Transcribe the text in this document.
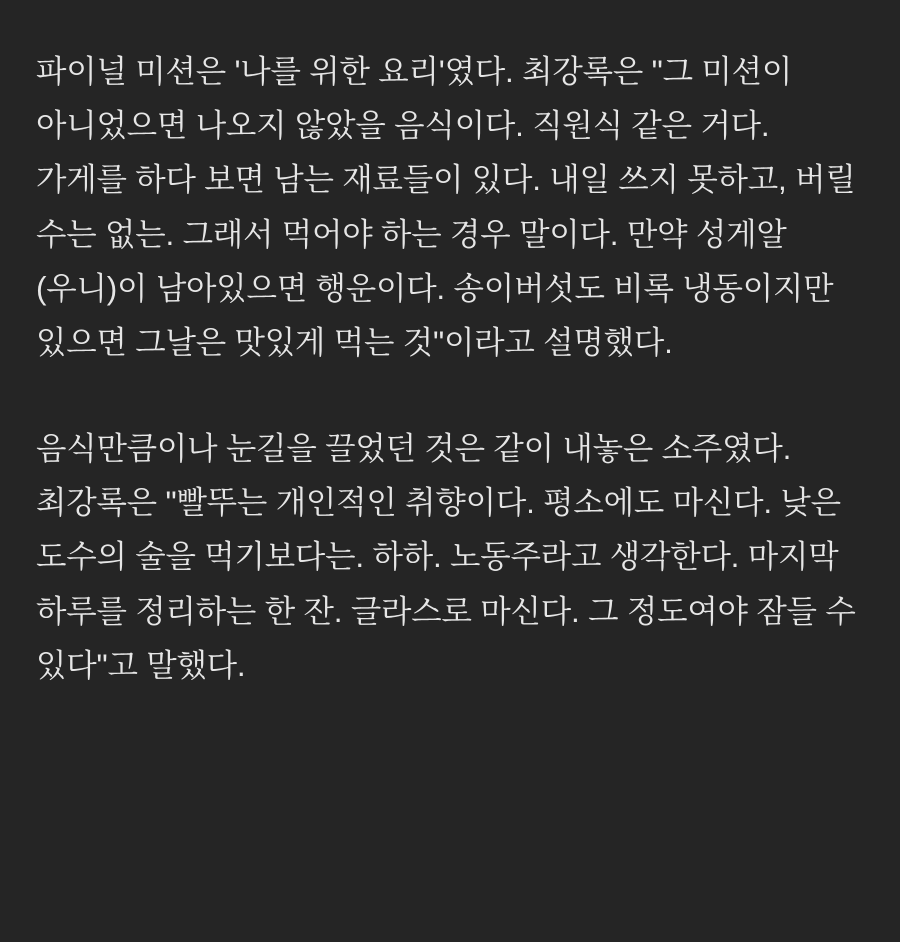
파이널 미션은 '나를 위한 요리'였다. 최강록은 "그 미션이 아니었으면 나오지 않았을 음식이다. 직원식 같은 거다. 가게를 하다 보면 남는 재료들이 있다. 내일 쓰지 못하고, 버릴 수는 없는. 그래서 먹어야 하는 경우 말이다. 만약 성게알(우니)이 남아있으면 행운이다. 송이버섯도 비록 냉동이지만 있으면 그날은 맛있게 먹는 것"이라고 설명했다.

음식만큼이나 눈길을 끌었던 것은 같이 내놓은 소주였다. 최강록은 "빨뚜는 개인적인 취향이다. 평소에도 마신다. 낮은 도수의 술을 먹기보다는. 하하. 노동주라고 생각한다. 마지막 하루를 정리하는 한 잔. 글라스로 마신다. 그 정도여야 잠들 수 있다"고 말했다.
